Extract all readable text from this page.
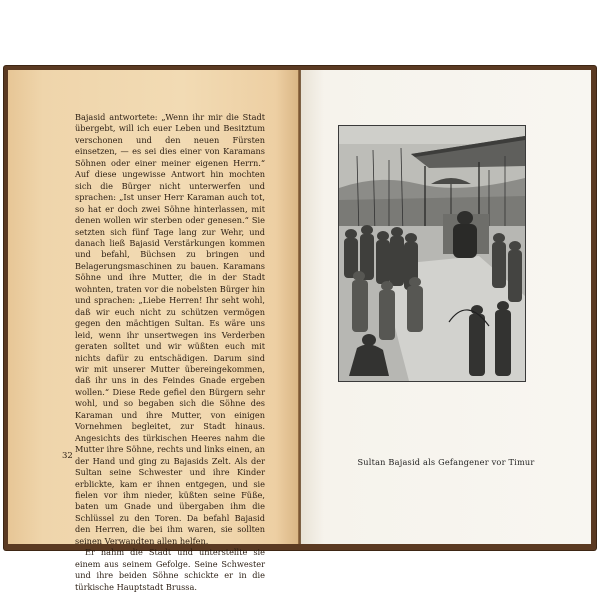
Bajasid antwortete: „Wenn ihr mir die Stadt übergebt, will ich euer Leben und Besitztum verschonen und den neuen Fürsten einsetzen, — es sei dies einer von Karamans Söhnen oder einer meiner eigenen Herrn.“ Auf diese ungewisse Antwort hin mochten sich die Bürger nicht unterwerfen und sprachen: „Ist unser Herr Karaman auch tot, so hat er doch zwei Söhne hinterlassen, mit denen wollen wir sterben oder genesen.“ Sie setzten sich fünf Tage lang zur Wehr, und danach ließ Bajasid Verstärkungen kommen und befahl, Büchsen zu bringen und Belagerungsmaschinen zu bauen. Karamans Söhne und ihre Mutter, die in der Stadt wohnten, traten vor die nobelsten Bürger hin und sprachen: „Liebe Herren! Ihr seht wohl, daß wir euch nicht zu schützen vermögen gegen den mächtigen Sultan. Es wäre uns leid, wenn ihr unsertwegen ins Verderben geraten solltet und wir wüßten euch mit nichts dafür zu entschädigen. Darum sind wir mit unserer Mutter übereingekommen, daß ihr uns in des Feindes Gnade ergeben wollen.“ Diese Rede gefiel den Bürgern sehr wohl, und so begaben sich die Söhne des Karaman und ihre Mutter, von einigen Vornehmen begleitet, zur Stadt hinaus. Angesichts des türkischen Heeres nahm die Mutter ihre Söhne, rechts und links einen, an der Hand und ging zu Bajasids Zelt. Als der Sultan seine Schwester und ihre Kinder erblickte, kam er ihnen entgegen, und sie fielen vor ihm nieder, küßten seine Füße, baten um Gnade und übergaben ihm die Schlüssel zu den Toren. Da befahl Bajasid den Herren, die bei ihm waren, sie sollten seinen Verwandten allen helfen.

Er nahm die Stadt und unterstellte sie einem aus seinem Gefolge. Seine Schwester und ihre beiden Söhne schickte er in die türkische Hauptstadt Brussa.

32
Sultan Bajasid als Gefangener vor Timur
